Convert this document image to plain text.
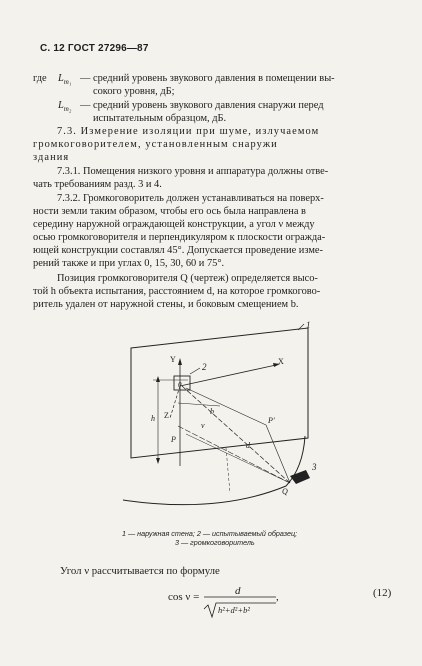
С. 12 ГОСТ 27296—87
где $L_{m_1}$ — средний уровень звукового давления в помещении вы-
сокого уровня, дБ;
$L_{m_2}$ — средний уровень звукового давления снаружи перед
испытательным образцом, дБ.
7.3. Измерение изоляции при шуме, излучаемом
громкоговорителем, установленным снаружи
здания
7.3.1. Помещения низкого уровня и аппаратура должны отве-
чать требованиям разд. 3 и 4.
7.3.2. Громкоговоритель должен устанавливаться на поверх-
ности земли таким образом, чтобы его ось была направлена в
середину наружной ограждающей конструкции, а угол ν между
осью громкоговорителя и перпендикуляром к плоскости огражда-
ющей конструкции составлял 45°. Допускается проведение изме-
рений также и при углах 0, 15, 30, 60 и 75°.
Позиция громкоговорителя Q (чертеж) определяется высо-
той h объекта испытания, расстоянием d, на которое громкогово-
ритель удален от наружной стены, и боковым смещением b.
1
2
3
X
Y
Z
0
h
d
b
P
P'
Q
ν
1 — наружная стена; 2 — испытываемый образец;
3 — громкоговоритель
Угол ν рассчитывается по формуле
cos ν =	d
h²+d²+b²
,	(12)
